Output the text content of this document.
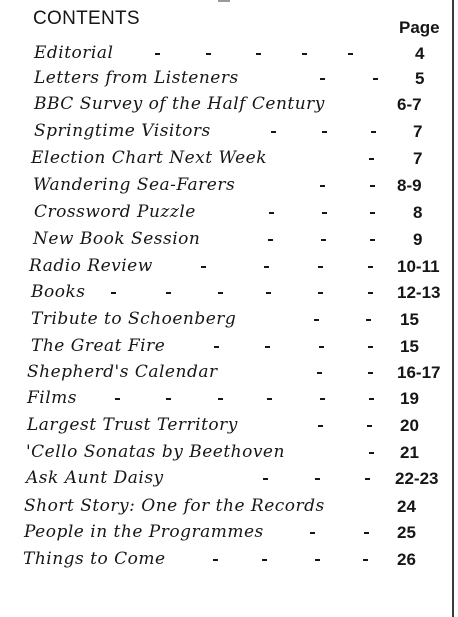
CONTENTS	Page
Editorial	4
Letters from Listeners	5
BBC Survey of the Half Century	6-7
Springtime Visitors	7
Election Chart Next Week	7
Wandering Sea-Farers	8-9
Crossword Puzzle	8
New Book Session	9
Radio Review	10-11
Books	12-13
Tribute to Schoenberg	15
The Great Fire	15
Shepherd's Calendar	16-17
Films	19
Largest Trust Territory	20
'Cello Sonatas by Beethoven	21
Ask Aunt Daisy	22-23
Short Story: One for the Records	24
People in the Programmes	25
Things to Come	26
